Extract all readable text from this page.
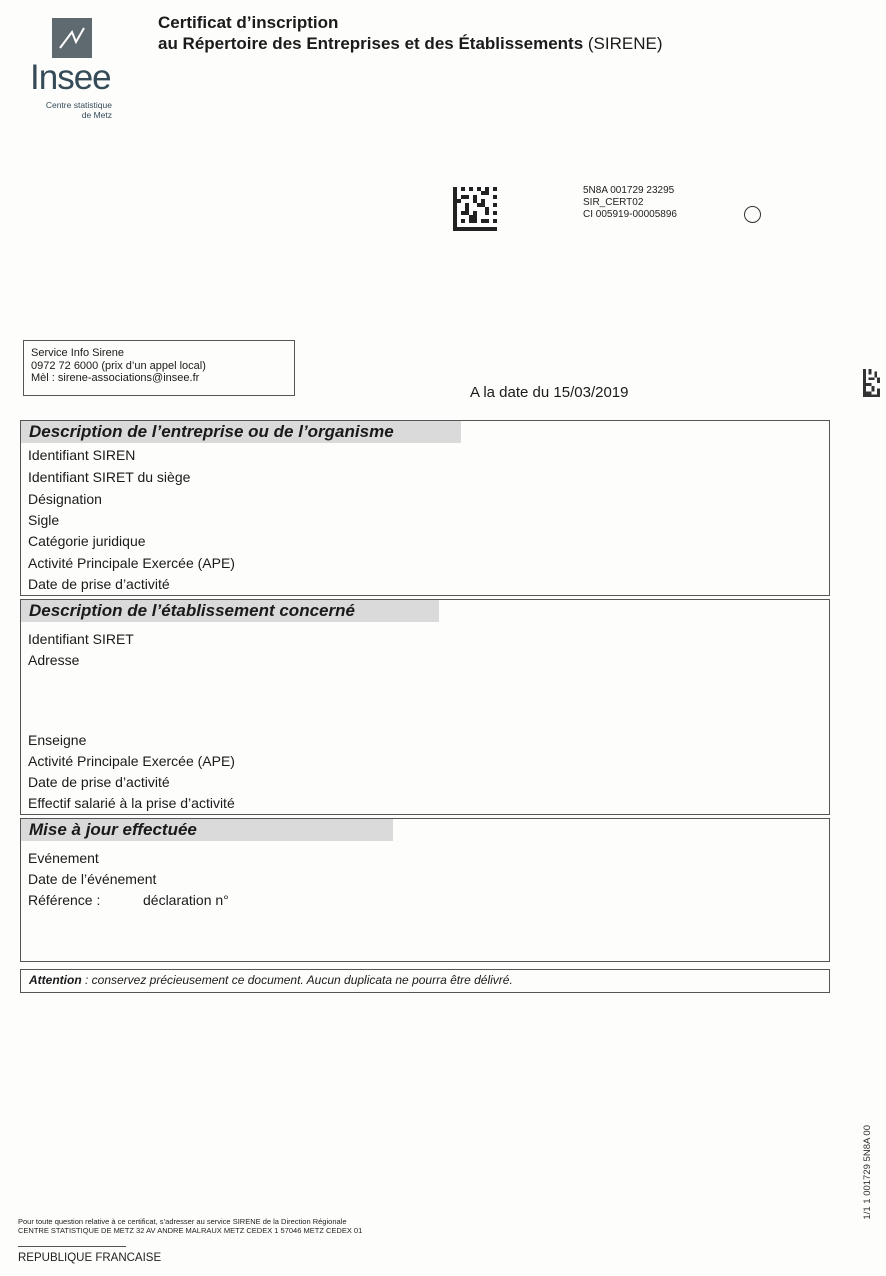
Insee
Centre statistique
de Metz
Certificat d’inscription
au Répertoire des Entreprises et des Établissements (SIRENE)
5N8A 001729 23295
SIR_CERT02
CI 005919-00005896
Service Info Sirene
0972 72 6000 (prix d’un appel local)
Mèl : sirene-associations@insee.fr
A la date du 15/03/2019
Description de l’entreprise ou de l’organisme
Identifiant SIREN
Identifiant SIRET du siège
Désignation
Sigle
Catégorie juridique
Activité Principale Exercée (APE)
Date de prise d’activité
Description de l’établissement concerné
Identifiant SIRET
Adresse
Enseigne
Activité Principale Exercée (APE)
Date de prise d’activité
Effectif salarié à la prise d’activité
Mise à jour effectuée
Evénement
Date de l’événement
Référence :	déclaration n°
Attention : conservez précieusement ce document. Aucun duplicata ne pourra être délivré.
1/1 1 001729 5N8A 00
Pour toute question relative à ce certificat, s’adresser au service SIRENE de la Direction Régionale
CENTRE STATISTIQUE DE METZ 32 AV ANDRE MALRAUX METZ CEDEX 1 57046 METZ CEDEX 01
REPUBLIQUE FRANCAISE
